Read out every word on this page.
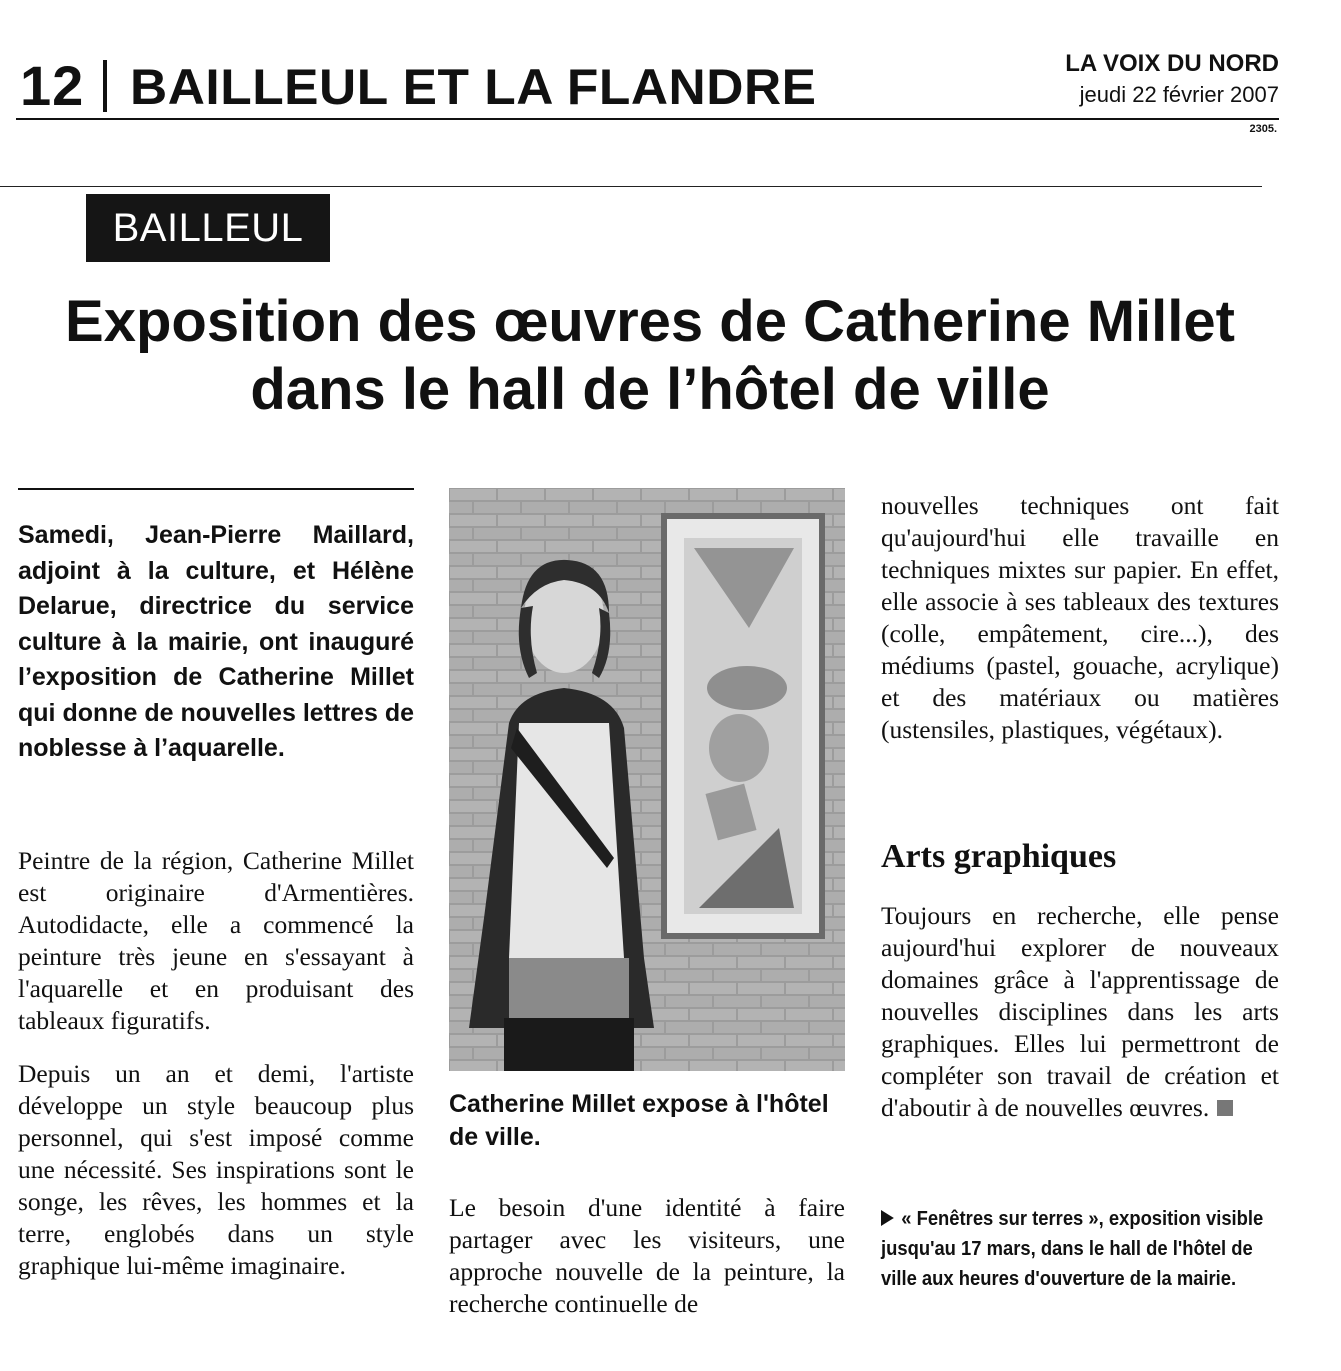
12 BAILLEUL ET LA FLANDRE	LA VOIX DU NORD
jeudi 22 février 2007
2305.
BAILLEUL
Exposition des œuvres de Catherine Millet
dans le hall de l’hôtel de ville
Samedi, Jean-Pierre Maillard, adjoint à la culture, et Hélène Delarue, directrice du service culture à la mairie, ont inauguré l’exposition de Catherine Millet qui donne de nouvelles lettres de noblesse à l’aquarelle.

Peintre de la région, Catherine Millet est originaire d'Armentières. Autodidacte, elle a commencé la peinture très jeune en s'essayant à l'aquarelle et en produisant des tableaux figuratifs.

Depuis un an et demi, l'artiste développe un style beaucoup plus personnel, qui s'est imposé comme une nécessité. Ses inspirations sont le songe, les rêves, les hommes et la terre, englobés dans un style graphique lui-même imaginaire.

Catherine Millet expose à l'hôtel de ville.

Le besoin d'une identité à faire partager avec les visiteurs, une approche nouvelle de la peinture, la recherche continuelle de

nouvelles techniques ont fait qu'aujourd'hui elle travaille en techniques mixtes sur papier. En effet, elle associe à ses tableaux des textures (colle, empâtement, cire...), des médiums (pastel, gouache, acrylique) et des matériaux ou matières (ustensiles, plastiques, végétaux).

Arts graphiques

Toujours en recherche, elle pense aujourd'hui explorer de nouveaux domaines grâce à l'apprentissage de nouvelles disciplines dans les arts graphiques. Elles lui permettront de compléter son travail de création et d'aboutir à de nouvelles œuvres.

« Fenêtres sur terres », exposition visible jusqu'au 17 mars, dans le hall de l'hôtel de ville aux heures d'ouverture de la mairie.
